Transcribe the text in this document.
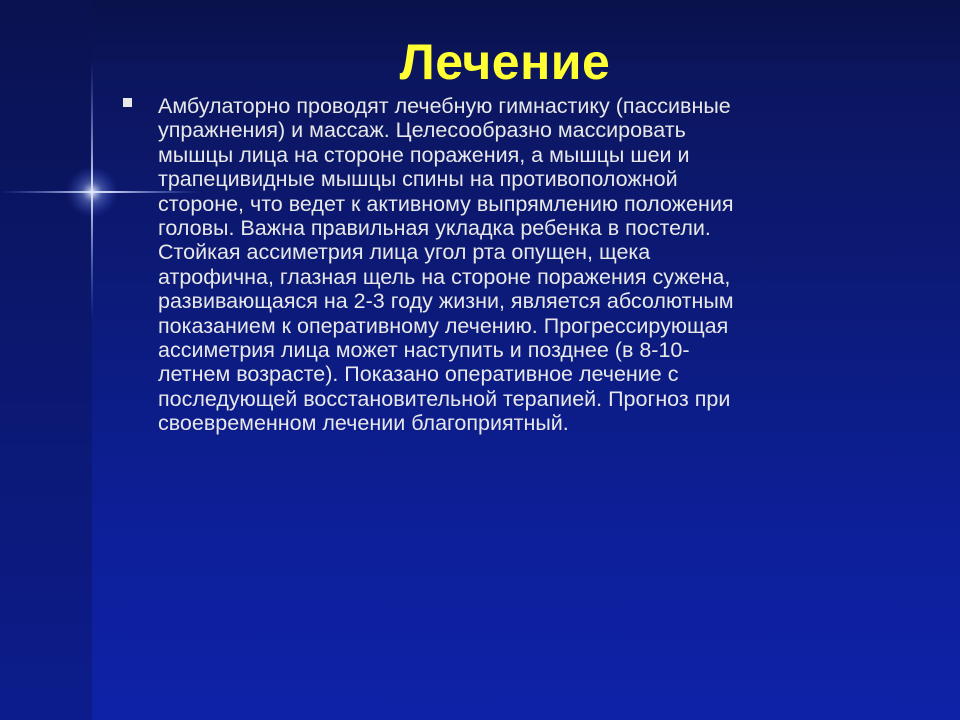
Лечение
Амбулаторно проводят лечебную гимнастику (пассивные
упражнения) и массаж. Целесообразно массировать
мышцы лица на стороне поражения, а мышцы шеи и
трапецивидные мышцы спины на противоположной
стороне, что ведет к активному выпрямлению положения
головы. Важна правильная укладка ребенка в постели.
Стойкая ассиметрия лица угол рта опущен, щека
атрофична, глазная щель на стороне поражения сужена,
развивающаяся на 2-3 году жизни, является абсолютным
показанием к оперативному лечению. Прогрессирующая
ассиметрия лица может наступить и позднее (в 8-10-
летнем возрасте). Показано оперативное лечение с
последующей восстановительной терапией. Прогноз при
своевременном лечении благоприятный.
